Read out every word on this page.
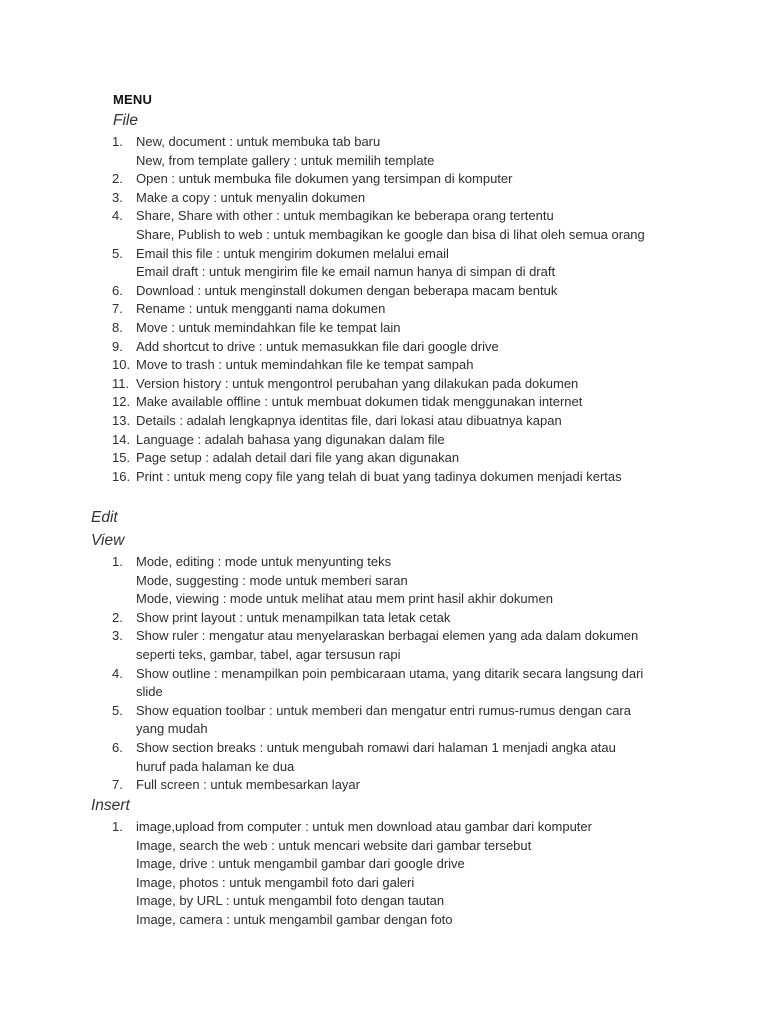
MENU
File
1.	New, document : untuk membuka tab baru
New, from template gallery : untuk memilih template
2.	Open : untuk membuka file dokumen yang tersimpan di komputer
3.	Make a copy : untuk menyalin dokumen
4.	Share, Share with other : untuk membagikan ke beberapa orang tertentu
Share, Publish to web : untuk membagikan ke google dan bisa di lihat oleh semua orang
5.	Email this file : untuk mengirim dokumen melalui email
Email draft : untuk mengirim file ke email namun hanya di simpan di draft
6.	Download : untuk menginstall dokumen dengan beberapa macam bentuk
7.	Rename : untuk mengganti nama dokumen
8.	Move : untuk memindahkan file ke tempat lain
9.	Add shortcut to drive : untuk memasukkan file dari google drive
10. Move to trash : untuk memindahkan file ke tempat sampah
11. Version history : untuk mengontrol perubahan yang dilakukan pada dokumen
12. Make available offline : untuk membuat dokumen tidak menggunakan internet
13. Details : adalah lengkapnya identitas file, dari lokasi atau dibuatnya kapan
14. Language : adalah bahasa yang digunakan dalam file
15. Page setup : adalah detail dari file yang akan digunakan
16. Print : untuk meng copy file yang telah di buat yang tadinya dokumen menjadi kertas
Edit
View
1.	Mode, editing : mode untuk menyunting teks
Mode, suggesting : mode untuk memberi saran
Mode, viewing : mode untuk melihat atau mem print hasil akhir dokumen
2.	Show print layout : untuk menampilkan tata letak cetak
3.	Show ruler : mengatur atau menyelaraskan berbagai elemen yang ada dalam dokumen
seperti teks, gambar, tabel, agar tersusun rapi
4.	Show outline : menampilkan poin pembicaraan utama, yang ditarik secara langsung dari
slide
5.	Show equation toolbar : untuk memberi dan mengatur entri rumus-rumus dengan cara
yang mudah
6.	Show section breaks : untuk mengubah romawi dari halaman 1 menjadi angka atau
huruf pada halaman ke dua
7.	Full screen : untuk membesarkan layar
Insert
1.	image,upload from computer : untuk men download atau gambar dari komputer
Image, search the web : untuk mencari website dari gambar tersebut
Image, drive : untuk mengambil gambar dari google drive
Image, photos : untuk mengambil foto dari galeri
Image, by URL : untuk mengambil foto dengan tautan
Image, camera : untuk mengambil gambar dengan foto
